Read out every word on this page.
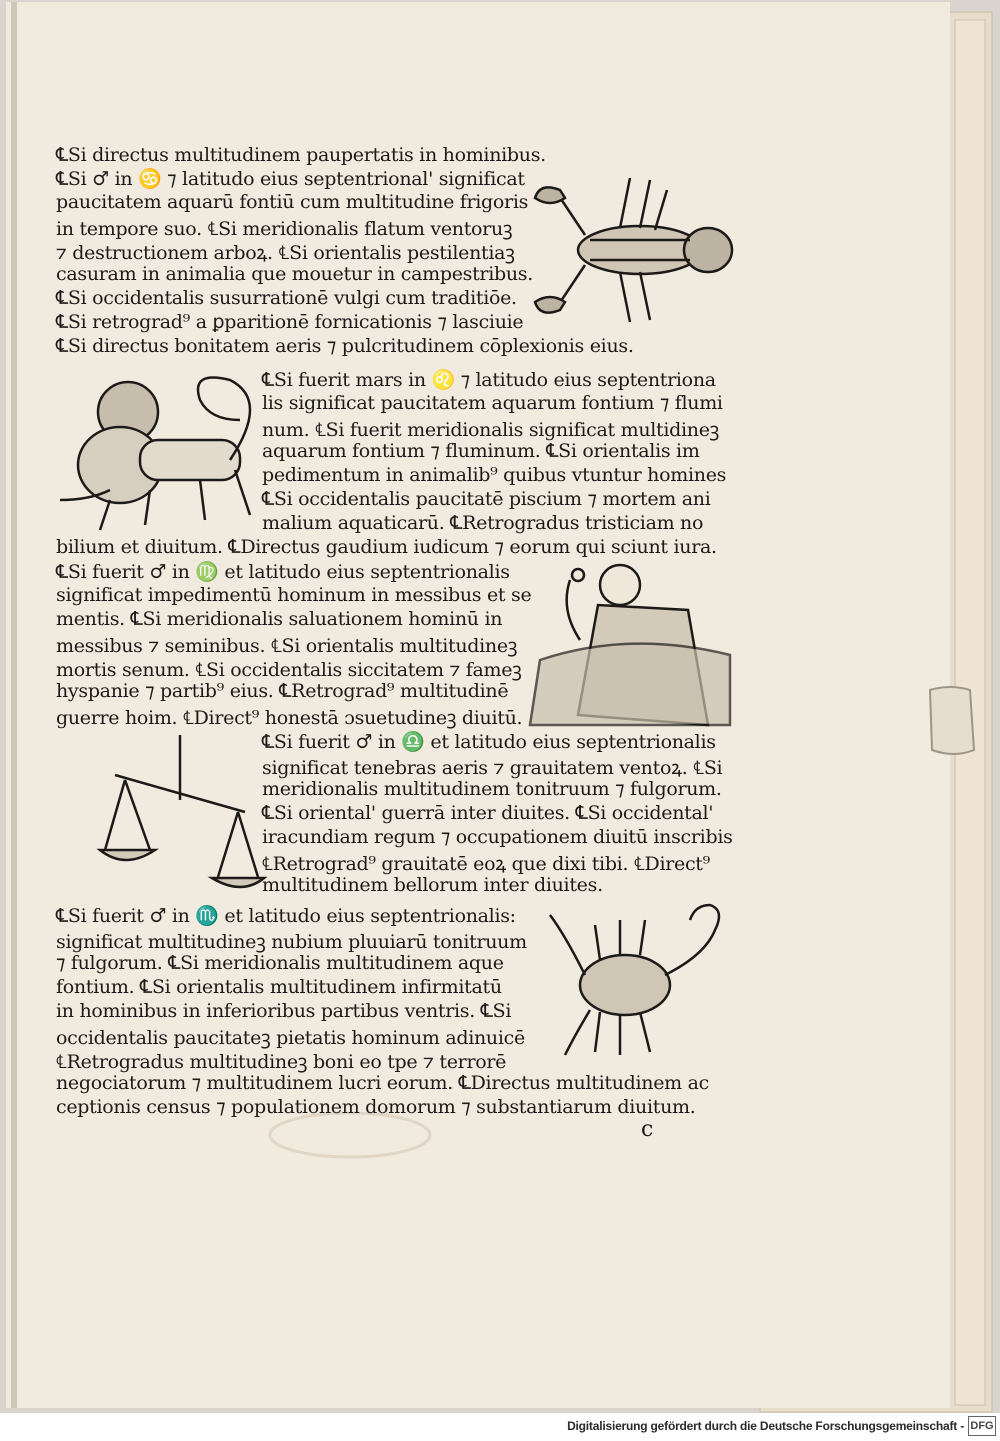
℄Si directus multitudinem paupertatis in hominibus.
℄Si ♂ in ♋ ⁊ latitudo eius septentrional' significat
paucitatem aquarū fontiū cum multitudine frigoris
in tempore suo. ℄Si meridionalis flatum ventoruꝫ
⁊ destructionem arboꝝ. ℄Si orientalis pestilentiaꝫ
casuram in animalia que mouetur in campestribus.
℄Si occidentalis susurrationē vulgi cum traditiōe.
℄Si retrograd⁹ a ꝑparitionē fornicationis ⁊ lasciuie
℄Si directus bonitatem aeris ⁊ pulcritudinem cōplexionis eius.
℄Si fuerit mars in ♌ ⁊ latitudo eius septentriona
lis significat paucitatem aquarum fontium ⁊ flumi
num. ℄Si fuerit meridionalis significat multidineꝫ
aquarum fontium ⁊ fluminum. ℄Si orientalis im
pedimentum in animalib⁹ quibus vtuntur homines
℄Si occidentalis paucitatē piscium ⁊ mortem ani
malium aquaticarū. ℄Retrogradus tristiciam no
bilium et diuitum. ℄Directus gaudium iudicum ⁊ eorum qui sciunt iura.
℄Si fuerit ♂ in ♍ et latitudo eius septentrionalis
significat impedimentū hominum in messibus et se
mentis. ℄Si meridionalis saluationem hominū in
messibus ⁊ seminibus. ℄Si orientalis multitudineꝫ
mortis senum. ℄Si occidentalis siccitatem ⁊ fameꝫ
hyspanie ⁊ partib⁹ eius. ℄Retrograd⁹ multitudinē
guerre hoim. ℄Direct⁹ honestā ɔsuetudineꝫ diuitū.
℄Si fuerit ♂ in ♎ et latitudo eius septentrionalis
significat tenebras aeris ⁊ grauitatem ventoꝝ. ℄Si
meridionalis multitudinem tonitruum ⁊ fulgorum.
℄Si oriental' guerrā inter diuites. ℄Si occidental'
iracundiam regum ⁊ occupationem diuitū inscribis
℄Retrograd⁹ grauitatē eoꝝ que dixi tibi. ℄Direct⁹
multitudinem bellorum inter diuites.
℄Si fuerit ♂ in ♏ et latitudo eius septentrionalis:
significat multitudineꝫ nubium pluuiarū tonitruum
⁊ fulgorum. ℄Si meridionalis multitudinem aque
fontium. ℄Si orientalis multitudinem infirmitatū
in hominibus in inferioribus partibus ventris. ℄Si
occidentalis paucitateꝫ pietatis hominum adinuicē
℄Retrogradus multitudineꝫ boni eo tpe ⁊ terrorē
negociatorum ⁊ multitudinem lucri eorum. ℄Directus multitudinem ac
ceptionis census ⁊ populationem domorum ⁊ substantiarum diuitum.
c
Digitalisierung gefördert durch die Deutsche Forschungsgemeinschaft - DFG
